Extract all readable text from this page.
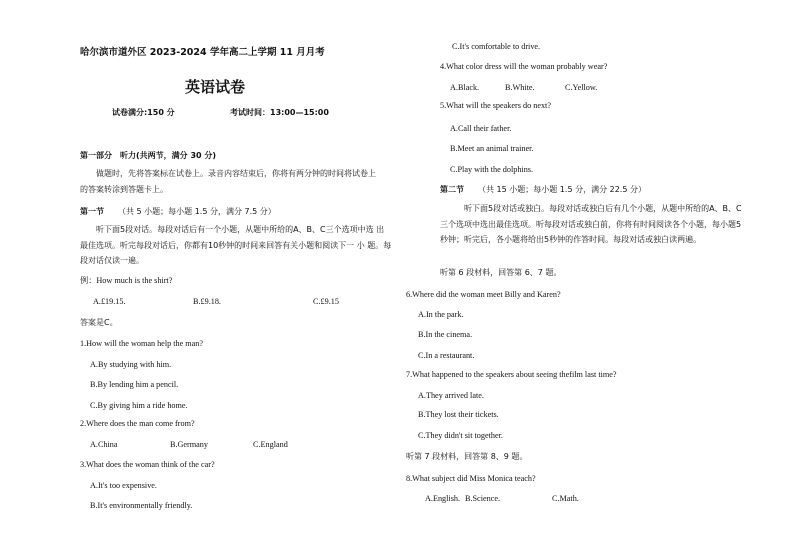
哈尔滨市道外区 2023-2024 学年高二上学期 11 月月考
英语试卷
试卷满分:150 分	考试时间：13:00—15:00
第一部分　听力(共两节，满分 30 分)
做题时，先将答案标在试卷上。录音内容结束后，你将有两分钟的时间将试卷上 的答案转涂到答题卡上。
第一节 （共 5 小题；每小题 1.5 分，满分 7.5 分）
听下面5段对话。每段对话后有一个小题，从题中所给的A、B、C三个选项中选 出最佳选项。听完每段对话后，你都有10秒钟的时间来回答有关小题和阅读下一 小 题。每段对话仅读一遍。
例：How much is the shirt?
A.£19.15.	B.£9.18.	C.£9.15
答案是C。
1.How will the woman help the man?
A.By studying with him.
B.By lending him a pencil.
C.By giving him a ride home.
2.Where does the man come from?
A.China	B.Germany	C.England
3.What does the woman think of the car?
A.It's too expensive.
B.It's environmentally friendly.
C.It's comfortable to drive.
4.What color dress will the woman probably wear?
A.Black.	B.White.	C.Yellow.
5.What will the speakers do next?
A.Call their father.
B.Meet an animal trainer.
C.Play with the dolphins.
第二节 （共 15 小题；每小题 1.5 分，满分 22.5 分）
听下面5段对话或独白。每段对话或独白后有几个小题，从题中所给的A、B、C 三个选项中选出最佳选项。听每段对话或独白前，你将有时间阅读各个小题，每小题5 秒钟；听完后，各小题将给出5秒钟的作答时间。每段对话或独白读两遍。
听第 6 段材料，回答第 6、7 题。
6.Where did the woman meet Billy and Karen?
A.In the park.
B.In the cinema.
C.In a restaurant.
7.What happened to the speakers about seeing thefilm last time?
A.They arrived late.
B.They lost their tickets.
C.They didn't sit together.
听第 7 段材料，回答第 8、9 题。
8.What subject did Miss Monica teach?
A.English. B.Science.	C.Math.
